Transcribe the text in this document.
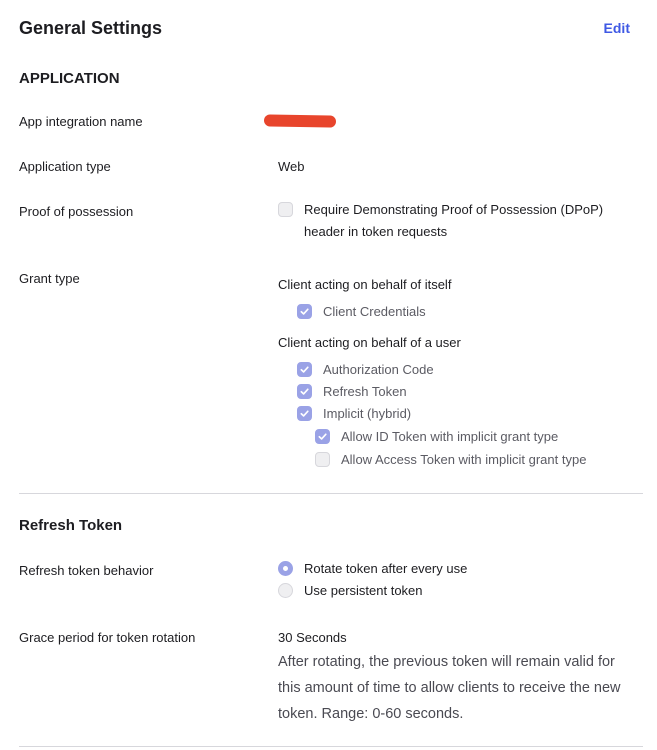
General Settings	Edit
APPLICATION
App integration name
Application type	Web
Proof of possession	Require Demonstrating Proof of Possession (DPoP)
header in token requests
Grant type	Client acting on behalf of itself
Client Credentials
Client acting on behalf of a user
Authorization Code
Refresh Token
Implicit (hybrid)
Allow ID Token with implicit grant type
Allow Access Token with implicit grant type
Refresh Token
Refresh token behavior	Rotate token after every use
Use persistent token
Grace period for token rotation	30 Seconds
After rotating, the previous token will remain valid for this amount of time to allow clients to receive the new token. Range: 0-60 seconds.
